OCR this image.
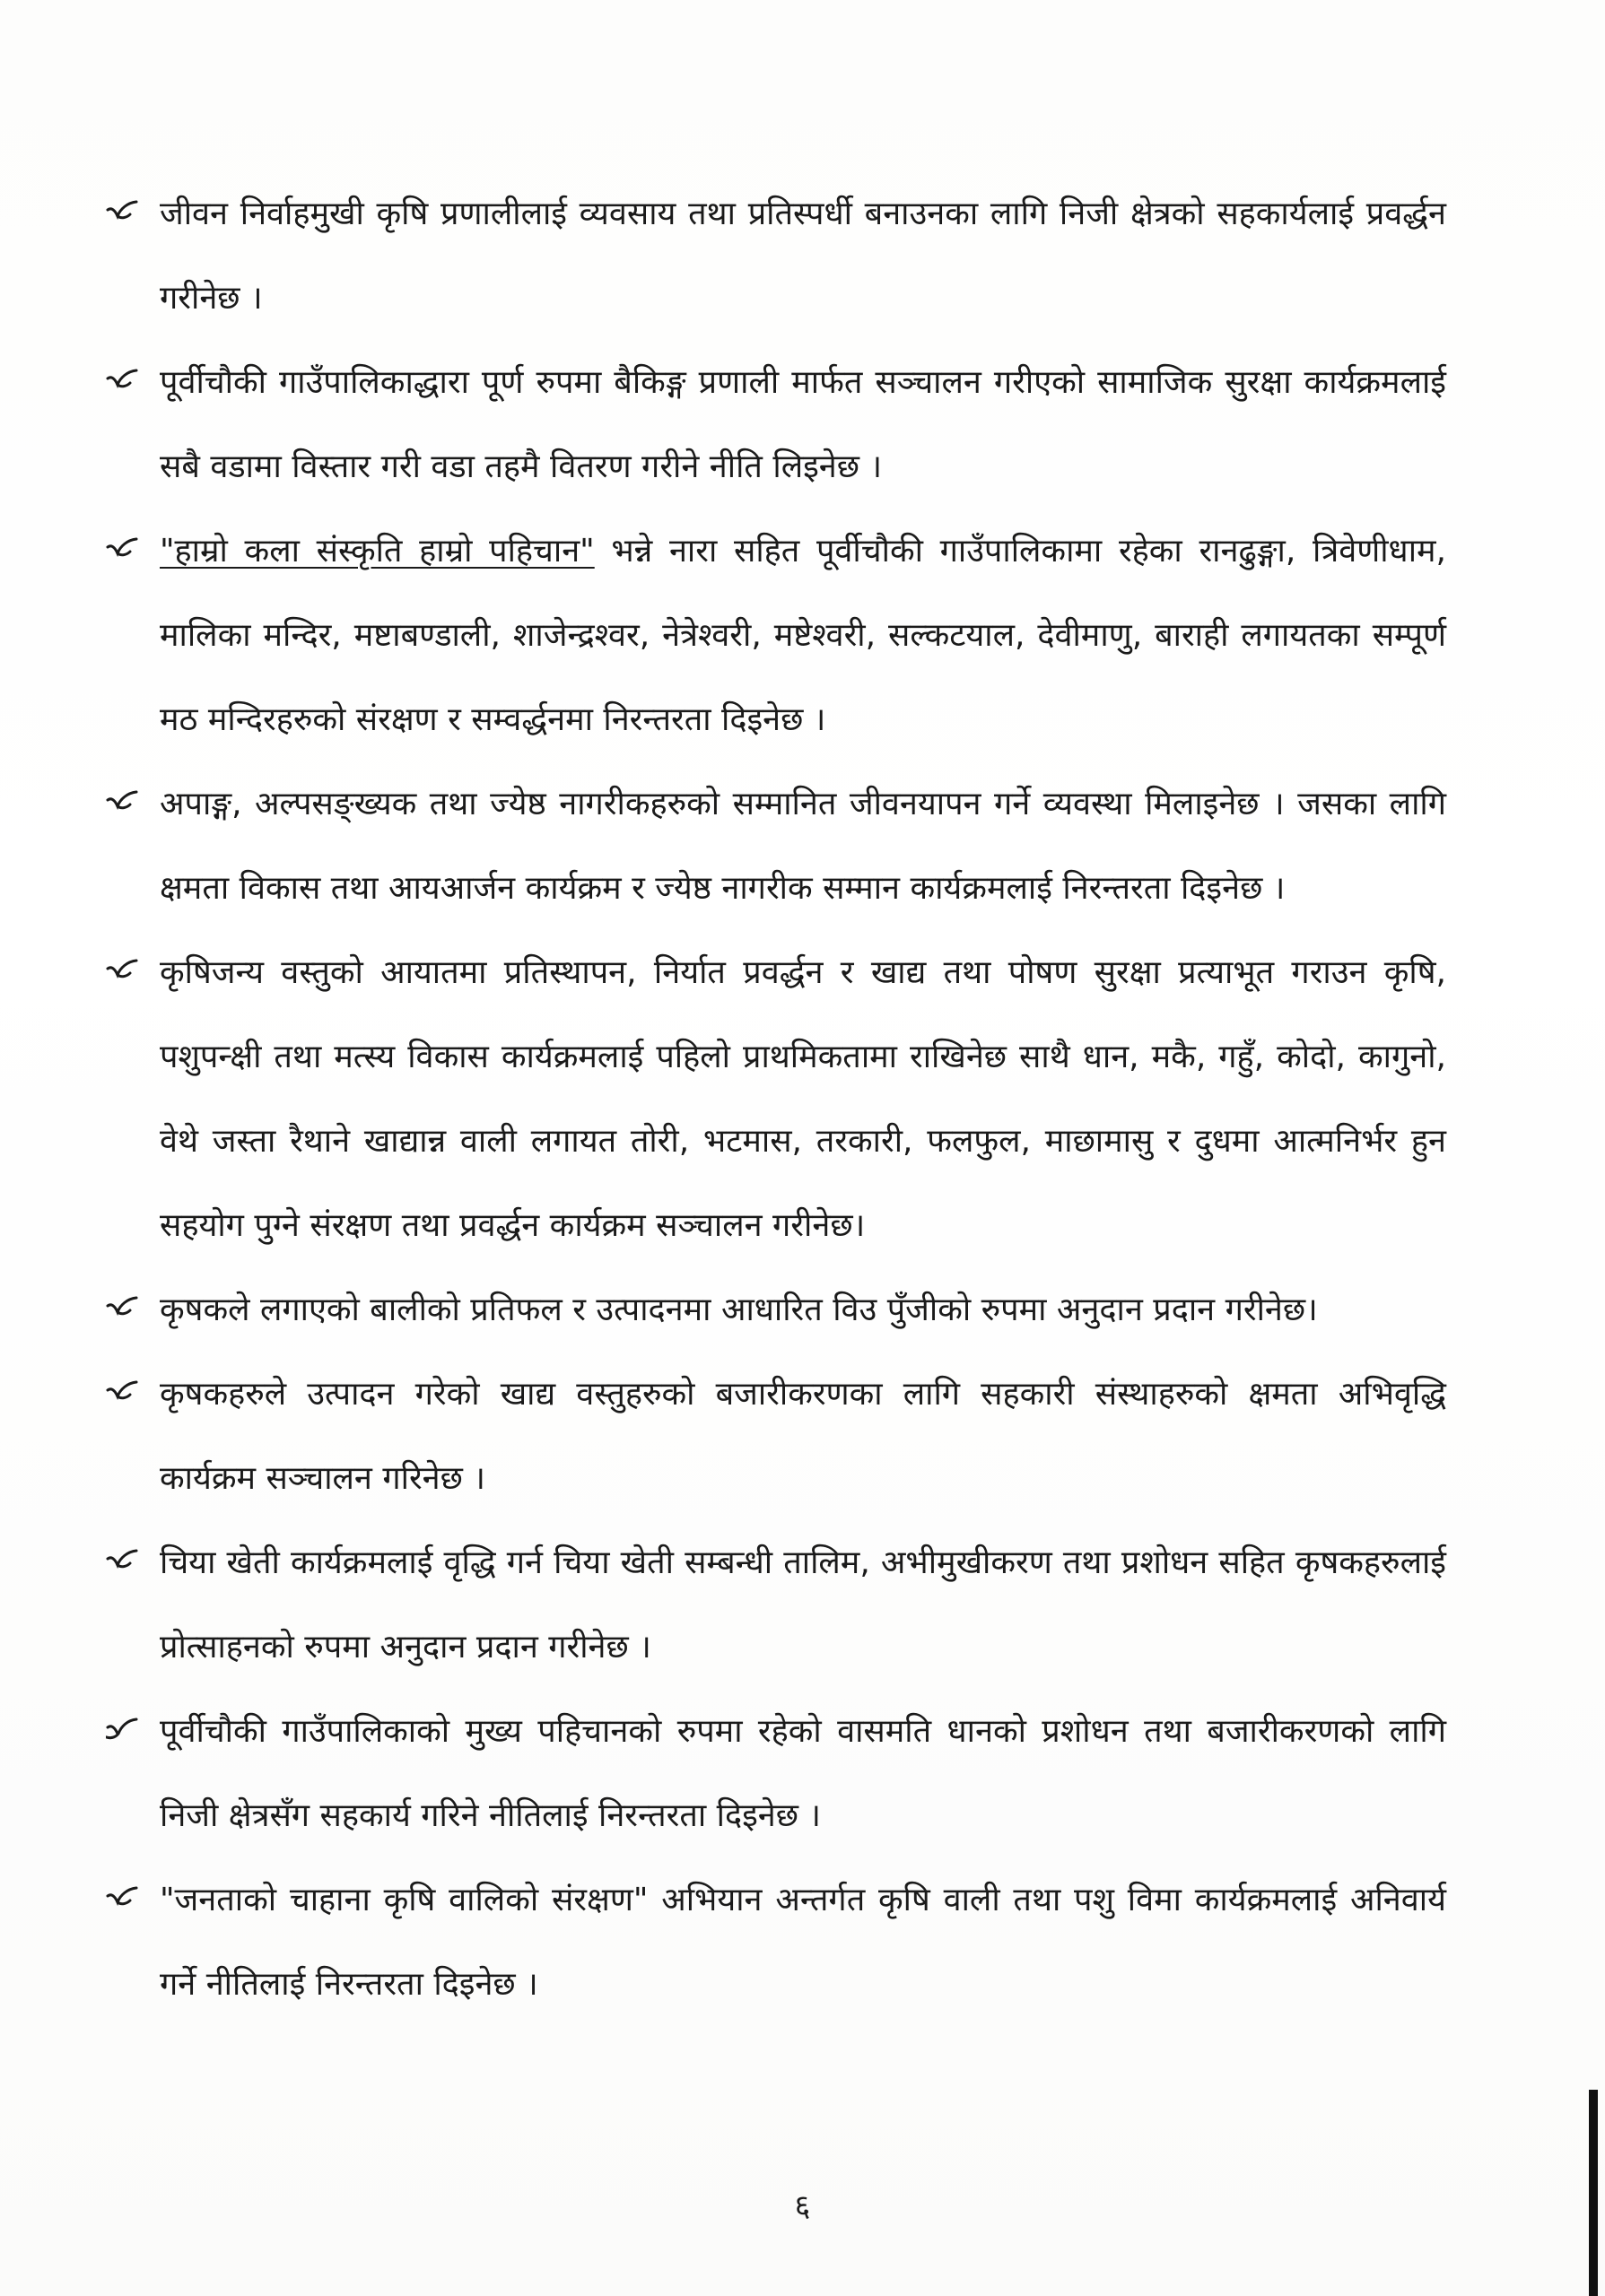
जीवन निर्वाहमुखी कृषि प्रणालीलाई व्यवसाय तथा प्रतिस्पर्धी बनाउनका लागि निजी क्षेत्रको सहकार्यलाई प्रवर्द्धन गरीनेछ ।
पूर्वीचौकी गाउँपालिकाद्धारा पूर्ण रुपमा बैकिङ्ग प्रणाली मार्फत सञ्चालन गरीएको सामाजिक सुरक्षा कार्यक्रमलाई सबै वडामा विस्तार गरी वडा तहमै वितरण गरीने नीति लिइनेछ ।
"हाम्रो कला संस्कृति हाम्रो पहिचान" भन्ने नारा सहित पूर्वीचौकी गाउँपालिकामा रहेका रानढुङ्गा, त्रिवेणीधाम, मालिका मन्दिर, मष्टाबण्डाली, शाजेन्द्रश्वर, नेत्रेश्वरी, मष्टेश्वरी, सल्कटयाल, देवीमाणु, बाराही लगायतका सम्पूर्ण मठ मन्दिरहरुको संरक्षण र सम्वर्द्धनमा निरन्तरता दिइनेछ ।
अपाङ्ग, अल्पसङ्ख्यक तथा ज्येष्ठ नागरीकहरुको सम्मानित जीवनयापन गर्ने व्यवस्था मिलाइनेछ । जसका लागि क्षमता विकास तथा आयआर्जन कार्यक्रम र ज्येष्ठ नागरीक सम्मान कार्यक्रमलाई निरन्तरता दिइनेछ ।
कृषिजन्य वस्तुको आयातमा प्रतिस्थापन, निर्यात प्रवर्द्धन र खाद्य तथा पोषण सुरक्षा प्रत्याभूत गराउन कृषि, पशुपन्क्षी तथा मत्स्य विकास कार्यक्रमलाई पहिलो प्राथमिकतामा राखिनेछ साथै धान, मकै, गहुँ, कोदो, कागुनो, वेथे जस्ता रैथाने खाद्यान्न वाली लगायत तोरी, भटमास, तरकारी, फलफुल, माछामासु र दुधमा आत्मनिर्भर हुन सहयोग पुग्ने संरक्षण तथा प्रवर्द्धन कार्यक्रम सञ्चालन गरीनेछ।
कृषकले लगाएको बालीको प्रतिफल र उत्पादनमा आधारित विउ पुँजीको रुपमा अनुदान प्रदान गरीनेछ।
कृषकहरुले उत्पादन गरेको खाद्य वस्तुहरुको बजारीकरणका लागि सहकारी संस्थाहरुको क्षमता अभिवृद्धि कार्यक्रम सञ्चालन गरिनेछ ।
चिया खेती कार्यक्रमलाई वृद्धि गर्न चिया खेती सम्बन्धी तालिम, अभीमुखीकरण तथा प्रशोधन सहित कृषकहरुलाई प्रोत्साहनको रुपमा अनुदान प्रदान गरीनेछ ।
पूर्वीचौकी गाउँपालिकाको मुख्य पहिचानको रुपमा रहेको वासमति धानको प्रशोधन तथा बजारीकरणको लागि निजी क्षेत्रसँग सहकार्य गरिने नीतिलाई निरन्तरता दिइनेछ ।
"जनताको चाहाना कृषि वालिको संरक्षण" अभियान अन्तर्गत कृषि वाली तथा पशु विमा कार्यक्रमलाई अनिवार्य गर्ने नीतिलाई निरन्तरता दिइनेछ ।
६
